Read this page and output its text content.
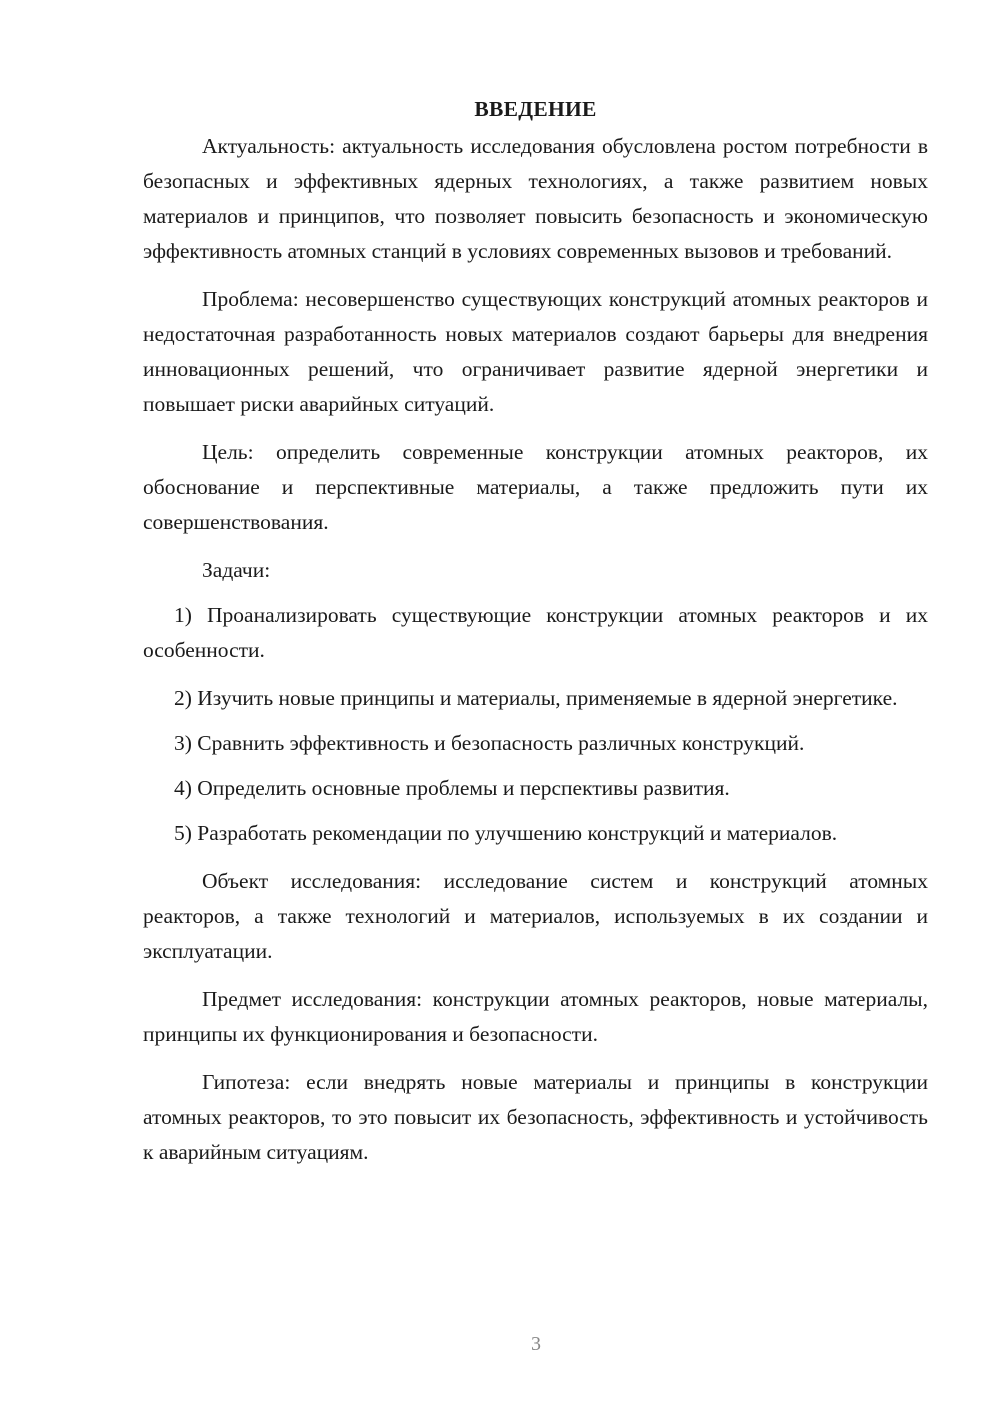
ВВЕДЕНИЕ

Актуальность: актуальность исследования обусловлена ростом потребности в безопасных и эффективных ядерных технологиях, а также развитием новых материалов и принципов, что позволяет повысить безопасность и экономическую эффективность атомных станций в условиях современных вызовов и требований.

Проблема: несовершенство существующих конструкций атомных реакторов и недостаточная разработанность новых материалов создают барьеры для внедрения инновационных решений, что ограничивает развитие ядерной энергетики и повышает риски аварийных ситуаций.

Цель: определить современные конструкции атомных реакторов, их обоснование и перспективные материалы, а также предложить пути их совершенствования.

Задачи:

1) Проанализировать существующие конструкции атомных реакторов и их особенности.

2) Изучить новые принципы и материалы, применяемые в ядерной энергетике.

3) Сравнить эффективность и безопасность различных конструкций.

4) Определить основные проблемы и перспективы развития.

5) Разработать рекомендации по улучшению конструкций и материалов.

Объект исследования: исследование систем и конструкций атомных реакторов, а также технологий и материалов, используемых в их создании и эксплуатации.

Предмет исследования: конструкции атомных реакторов, новые материалы, принципы их функционирования и безопасности.

Гипотеза: если внедрять новые материалы и принципы в конструкции атомных реакторов, то это повысит их безопасность, эффективность и устойчивость к аварийным ситуациям.

3
